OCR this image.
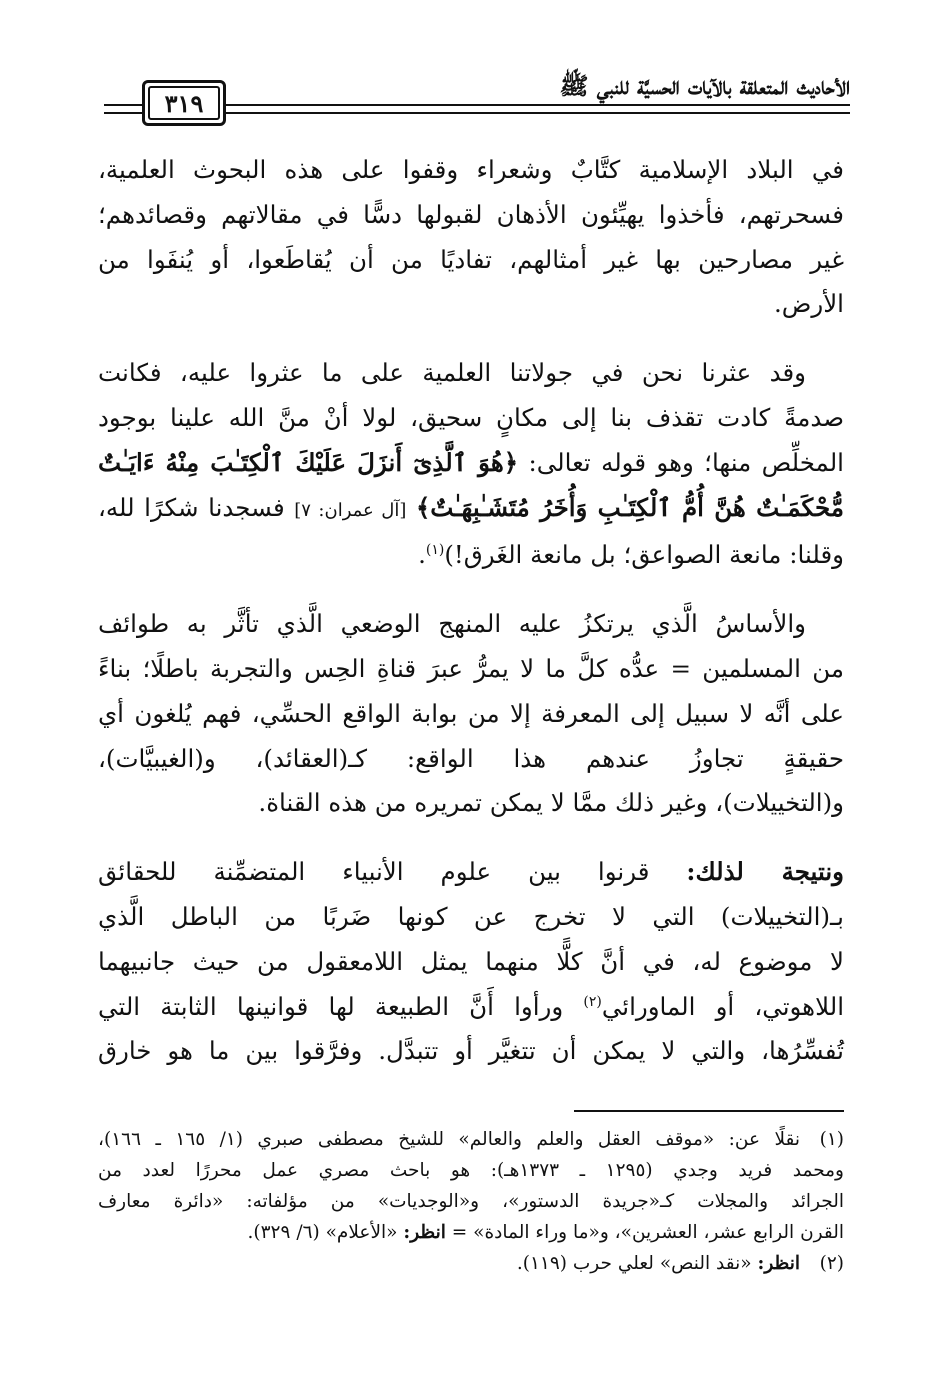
الأحاديث المتعلقة بالآيات الحسيَّة للنبي ﷺ
٣١٩
في البلاد الإسلامية كتَّابٌ وشعراء وقفوا على هذه البحوث العلمية،
فسحرتهم، فأخذوا يهيِّئون الأذهان لقبولها دسًّا في مقالاتهم وقصائدهم؛
غير مصارحين بها غير أمثالهم، تفاديًا من أن يُقاطَعوا، أو يُنفَوا من
الأرض.
وقد عثرنا نحن في جولاتنا العلمية على ما عثروا عليه، فكانت
صدمةً كادت تقذف بنا إلى مكانٍ سحيق، لولا أنْ منَّ الله علينا بوجود
المخلِّص منها؛ وهو قوله تعالى: ﴿هُوَ ٱلَّذِىٓ أَنزَلَ عَلَيْكَ ٱلْكِتَـٰبَ مِنْهُ ءَايَـٰتٌ
مُّحْكَمَـٰتٌ هُنَّ أُمُّ ٱلْكِتَـٰبِ وَأُخَرُ مُتَشَـٰبِهَـٰتٌ﴾ [آل عمران: ٧] فسجدنا شكرًا لله،
وقلنا: مانعة الصواعق؛ بل مانعة الغَرق!)$^{(١)}$.
والأساسُ الَّذي يرتكزُ عليه المنهج الوضعي الَّذي تأثَّر به طوائف
من المسلمين = عدُّه كلَّ ما لا يمرُّ عبرَ قناةِ الحِس والتجربة باطلًا؛ بناءً
على أنَّه لا سبيل إلى المعرفة إلا من بوابة الواقع الحسِّي، فهم يُلغون أي
حقيقةٍ تجاوزُ عندهم هذا الواقع: كـ(العقائد)، و(الغيبيَّات)،
و(التخييلات)، وغير ذلك ممَّا لا يمكن تمريره من هذه القناة.
ونتيجة لذلك: قرنوا بين علوم الأنبياء المتضمِّنة للحقائق
بـ(التخييلات) التي لا تخرج عن كونها ضَربًا من الباطل الَّذي
لا موضوع له، في أنَّ كلًّا منهما يمثل اللامعقول من حيث جانبيهما
اللاهوتي، أو الماورائي$^{(٢)}$ ورأوا أَنَّ الطبيعة لها قوانينها الثابتة التي
تُفسِّرُها، والتي لا يمكن أن تتغيَّر أو تتبدَّل. وفرَّقوا بين ما هو خارق
(١)نقلًا عن: «موقف العقل والعلم والعالم» للشيخ مصطفى صبري (١/ ١٦٥ ـ ١٦٦)،
ومحمد فريد وجدي (١٢٩٥ ـ ١٣٧٣هـ): هو باحث مصري عمل محررًا لعدد من
الجرائد والمجلات كـ«جريدة الدستور»، و«الوجديات» من مؤلفاته: «دائرة معارف
القرن الرابع عشر، العشرين»، و«ما وراء المادة» = انظر: «الأعلام» (٦/ ٣٢٩).
(٢)انظر: «نقد النص» لعلي حرب (١١٩).
